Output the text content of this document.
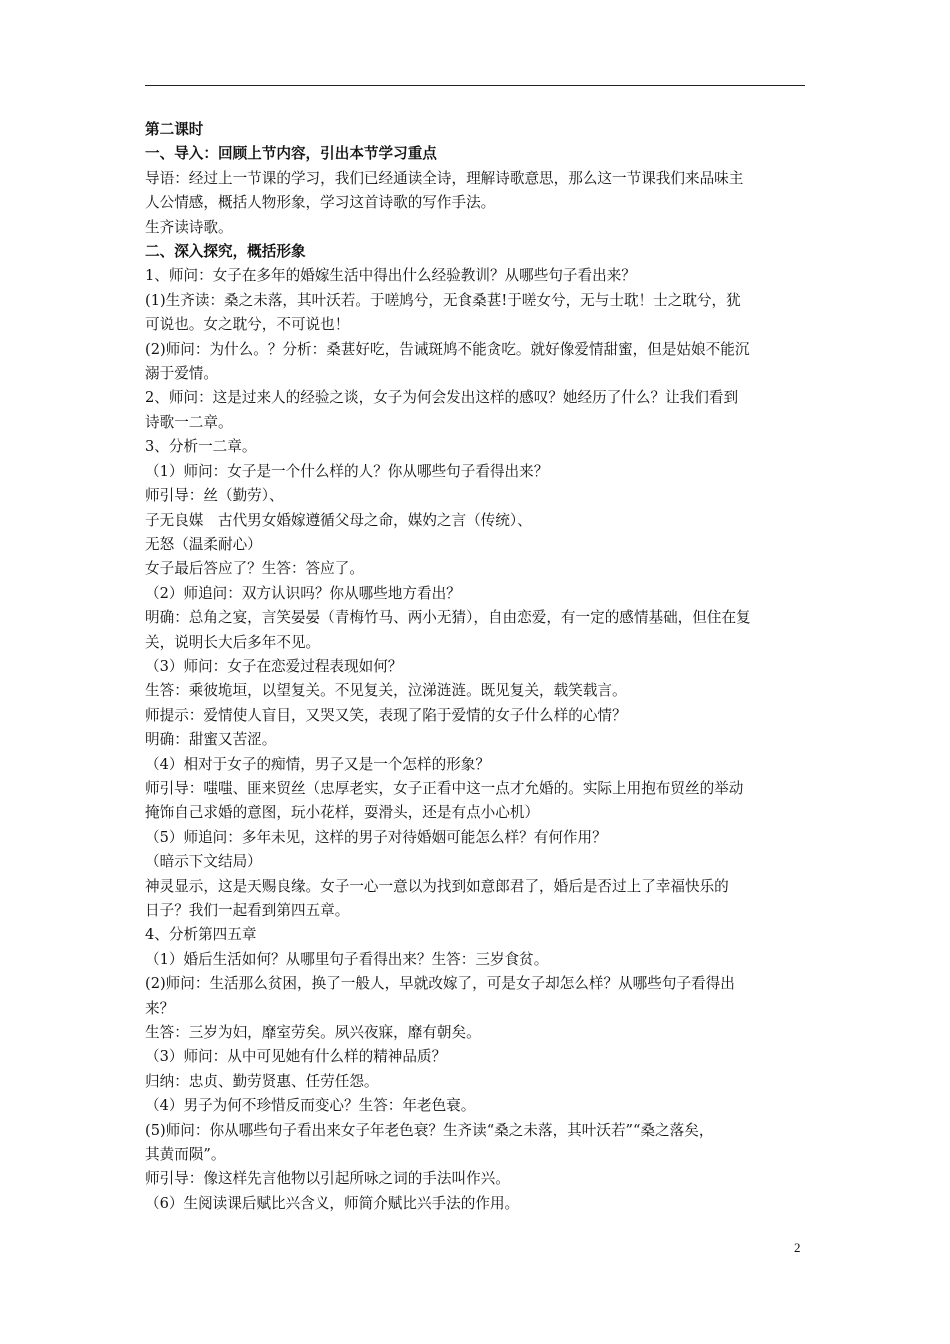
第二课时
一、导入：回顾上节内容，引出本节学习重点
导语：经过上一节课的学习，我们已经通读全诗，理解诗歌意思，那么这一节课我们来品味主
人公情感，概括人物形象，学习这首诗歌的写作手法。
生齐读诗歌。
二、深入探究，概括形象
1、师问：女子在多年的婚嫁生活中得出什么经验教训？从哪些句子看出来？
(1)生齐读：桑之未落，其叶沃若。于嗟鸠兮，无食桑葚!于嗟女兮，无与士耽！士之耽兮，犹
可说也。女之耽兮，不可说也！
(2)师问：为什么。？分析：桑葚好吃，告诫斑鸠不能贪吃。就好像爱情甜蜜，但是姑娘不能沉
溺于爱情。
2、师问：这是过来人的经验之谈，女子为何会发出这样的感叹？她经历了什么？让我们看到
诗歌一二章。
3、分析一二章。
（1）师问：女子是一个什么样的人？你从哪些句子看得出来？
师引导：丝（勤劳）、
子无良媒　古代男女婚嫁遵循父母之命，媒妁之言（传统）、
无怒（温柔耐心）
女子最后答应了？生答：答应了。
（2）师追问：双方认识吗？你从哪些地方看出？
明确：总角之宴，言笑晏晏（青梅竹马、两小无猜），自由恋爱，有一定的感情基础，但住在复
关，说明长大后多年不见。
（3）师问：女子在恋爱过程表现如何？
生答：乘彼垝垣，以望复关。不见复关，泣涕涟涟。既见复关，载笑载言。
师提示：爱情使人盲目，又哭又笑，表现了陷于爱情的女子什么样的心情？
明确：甜蜜又苦涩。
（4）相对于女子的痴情，男子又是一个怎样的形象？
师引导：嗤嗤、匪来贸丝（忠厚老实，女子正看中这一点才允婚的。实际上用抱布贸丝的举动
掩饰自己求婚的意图，玩小花样，耍滑头，还是有点小心机）
（5）师追问：多年未见，这样的男子对待婚姻可能怎么样？有何作用？
（暗示下文结局）
神灵显示，这是天赐良缘。女子一心一意以为找到如意郎君了，婚后是否过上了幸福快乐的
日子？我们一起看到第四五章。
4、分析第四五章
（1）婚后生活如何？从哪里句子看得出来？生答：三岁食贫。
(2)师问：生活那么贫困，换了一般人，早就改嫁了，可是女子却怎么样？从哪些句子看得出
来？
生答：三岁为妇，靡室劳矣。夙兴夜寐，靡有朝矣。
（3）师问：从中可见她有什么样的精神品质？
归纳：忠贞、勤劳贤惠、任劳任怨。
（4）男子为何不珍惜反而变心？生答：年老色衰。
(5)师问：你从哪些句子看出来女子年老色衰？生齐读“桑之未落，其叶沃若”“桑之落矣，
其黄而陨”。
师引导：像这样先言他物以引起所咏之词的手法叫作兴。
（6）生阅读课后赋比兴含义，师简介赋比兴手法的作用。
2
